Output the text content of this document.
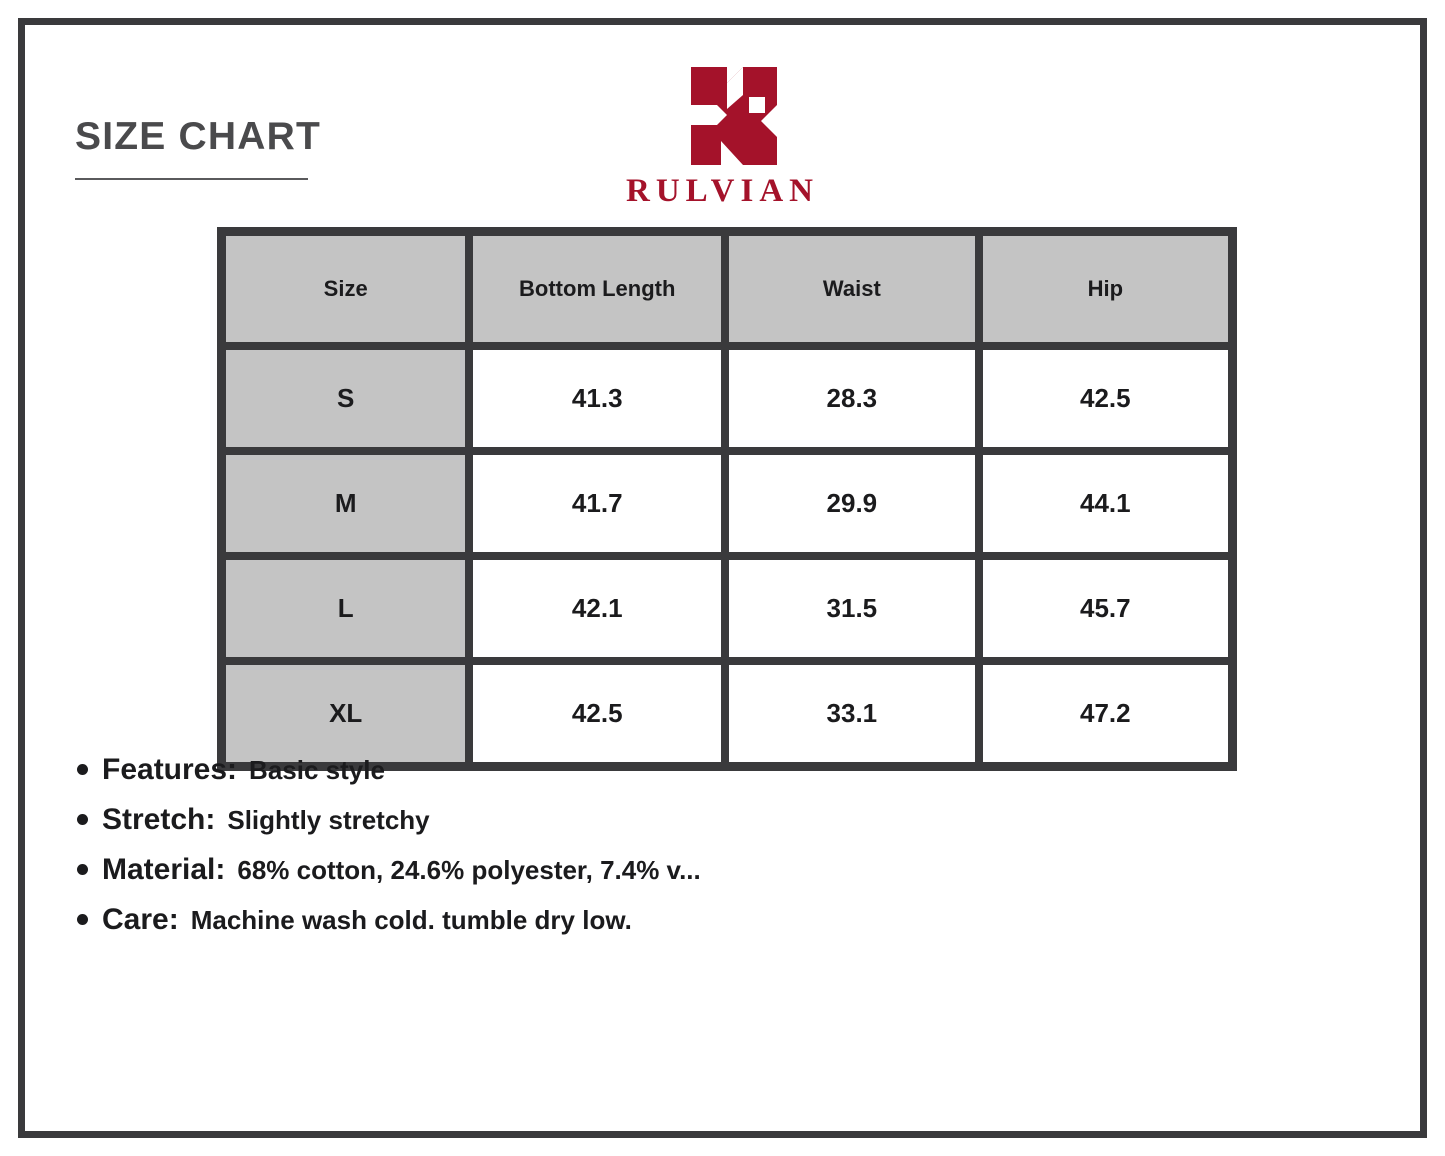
SIZE CHART
RULVIAN
Size	Bottom Length	Waist	Hip
S	41.3	28.3	42.5
M	41.7	29.9	44.1
L	42.1	31.5	45.7
XL	42.5	33.1	47.2
Features: Basic style
Stretch: Slightly stretchy
Material: 68% cotton, 24.6% polyester, 7.4% v...
Care: Machine wash cold. tumble dry low.
